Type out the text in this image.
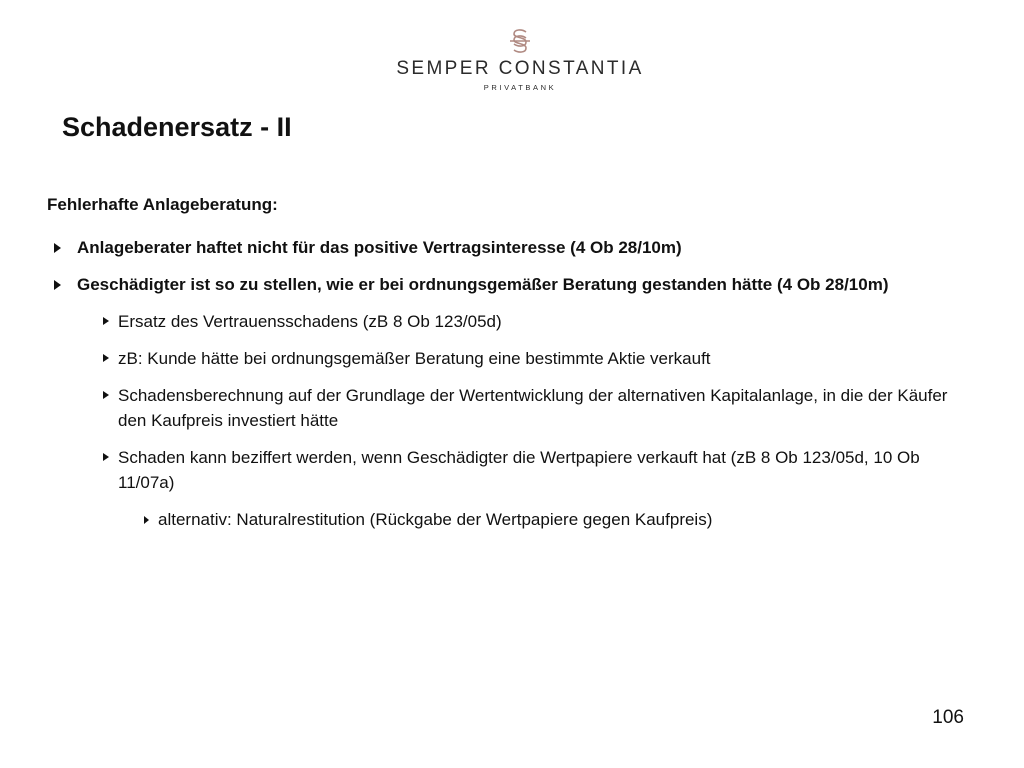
SEMPER CONSTANTIA
PRIVATBANK
Schadenersatz - II
Fehlerhafte Anlageberatung:
Anlageberater haftet nicht für das positive Vertragsinteresse (4 Ob 28/10m)
Geschädigter ist so zu stellen, wie er bei ordnungsgemäßer Beratung gestanden hätte (4 Ob 28/10m)
Ersatz des Vertrauensschadens (zB 8 Ob 123/05d)
zB: Kunde hätte bei ordnungsgemäßer Beratung eine bestimmte Aktie verkauft
Schadensberechnung auf der Grundlage der Wertentwicklung der alternativen Kapitalanlage, in die der Käufer den Kaufpreis investiert hätte
Schaden kann beziffert werden, wenn Geschädigter die Wertpapiere verkauft hat (zB 8 Ob 123/05d, 10 Ob 11/07a)
alternativ: Naturalrestitution (Rückgabe der Wertpapiere gegen Kaufpreis)
106
